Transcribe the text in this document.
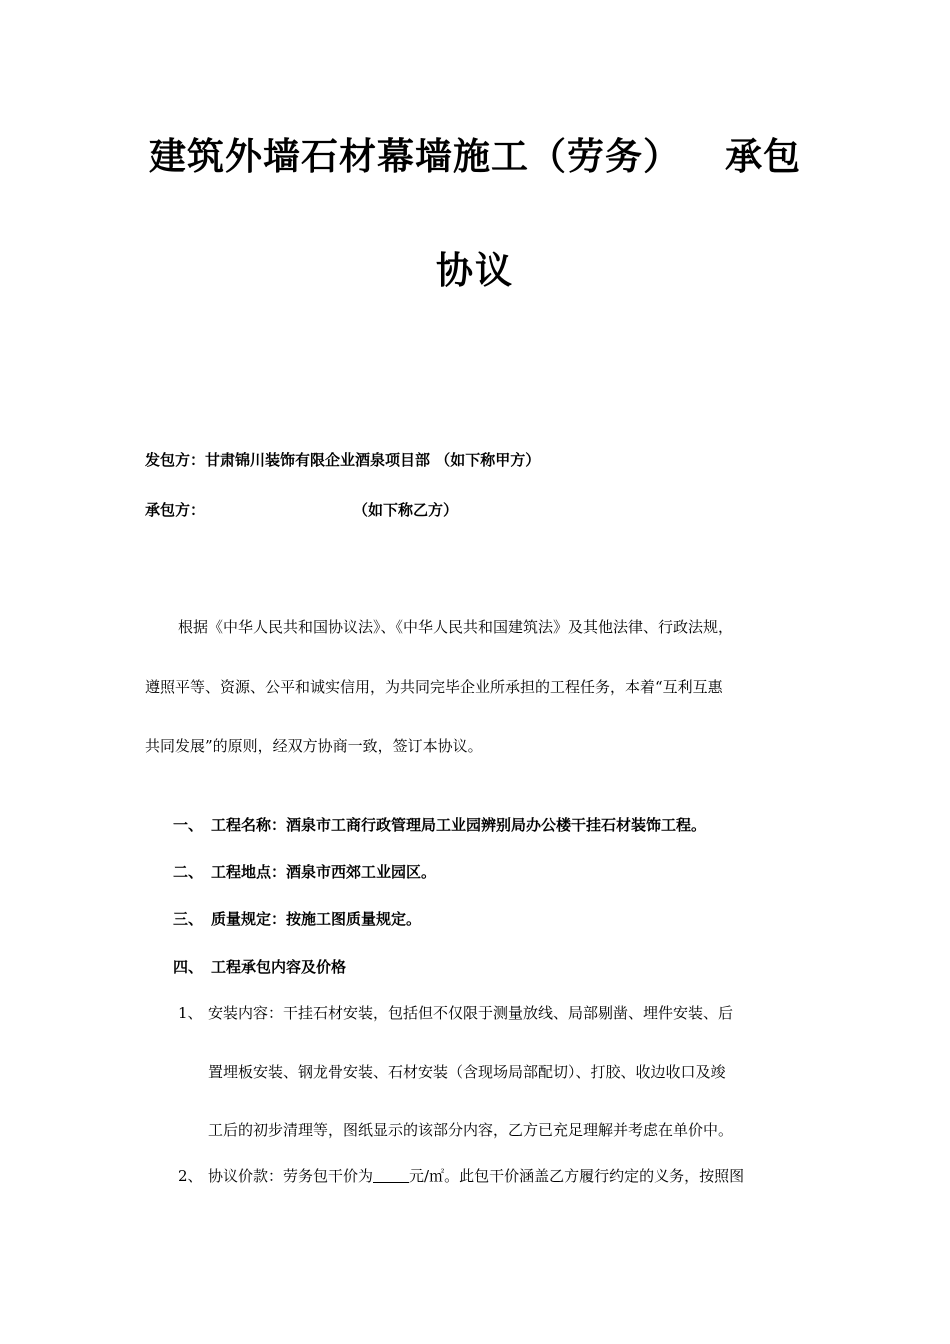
建筑外墙石材幕墙施工（劳务） 承包
协议
发包方：甘肃锦川装饰有限企业酒泉项目部 （如下称甲方）
承包方：	（如下称乙方）
根据《中华人民共和国协议法》、《中华人民共和国建筑法》及其他法律、行政法规，
遵照平等、资源、公平和诚实信用，为共同完毕企业所承担的工程任务，本着“互利互惠
共同发展”的原则，经双方协商一致，签订本协议。
一、 工程名称：酒泉市工商行政管理局工业园辨别局办公楼干挂石材装饰工程。
二、 工程地点：酒泉市西郊工业园区。
三、 质量规定：按施工图质量规定。
四、 工程承包内容及价格
1、 安装内容：干挂石材安装，包括但不仅限于测量放线、局部剔凿、埋件安装、后
置埋板安装、钢龙骨安装、石材安装（含现场局部配切）、打胶、收边收口及竣
工后的初步清理等，图纸显示的该部分内容，乙方已充足理解并考虑在单价中。
2、 协议价款：劳务包干价为 元/㎡。此包干价涵盖乙方履行约定的义务，按照图
